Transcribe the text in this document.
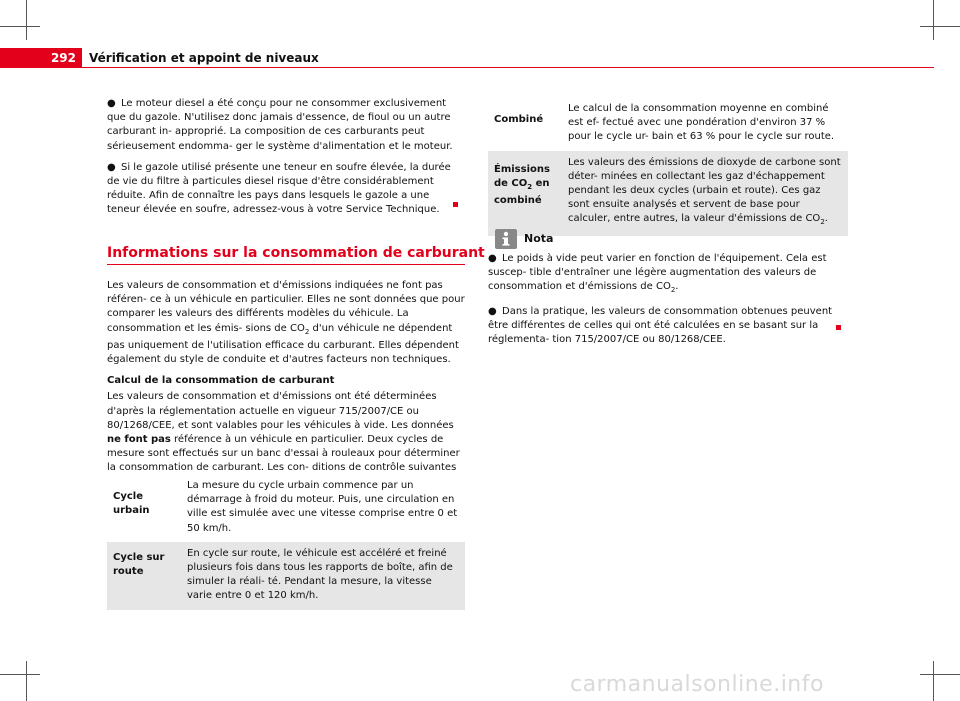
292	Vérification et appoint de niveaux

● Le moteur diesel a été conçu pour ne consommer exclusivement que du gazole. N'utilisez donc jamais d'essence, de fioul ou un autre carburant in- approprié. La composition de ces carburants peut sérieusement endomma- ger le système d'alimentation et le moteur.

● Si le gazole utilisé présente une teneur en soufre élevée, la durée de vie du filtre à particules diesel risque d'être considérablement réduite. Afin de connaître les pays dans lesquels le gazole a une teneur élevée en soufre, adressez-vous à votre Service Technique.

Informations sur la consommation de carburant

Les valeurs de consommation et d'émissions indiquées ne font pas référen- ce à un véhicule en particulier. Elles ne sont données que pour comparer les valeurs des différents modèles du véhicule. La consommation et les émis- sions de $CO_2$ d'un véhicule ne dépendent pas uniquement de l'utilisation efficace du carburant. Elles dépendent également du style de conduite et d'autres facteurs non techniques.

Calcul de la consommation de carburant

Les valeurs de consommation et d'émissions ont été déterminées d'après la réglementation actuelle en vigueur 715/2007/CE ou 80/1268/CEE, et sont valables pour les véhicules à vide. Les données ne font pas référence à un véhicule en particulier. Deux cycles de mesure sont effectués sur un banc d'essai à rouleaux pour déterminer la consommation de carburant. Les con- ditions de contrôle suivantes

Cycle urbain	La mesure du cycle urbain commence par un démarrage à froid du moteur. Puis, une circulation en ville est simulée avec une vitesse comprise entre 0 et 50 km/h.
Cycle sur route	En cycle sur route, le véhicule est accéléré et freiné plusieurs fois dans tous les rapports de boîte, afin de simuler la réali- té. Pendant la mesure, la vitesse varie entre 0 et 120 km/h.
Combiné	Le calcul de la consommation moyenne en combiné est ef- fectué avec une pondération d'environ 37 % pour le cycle ur- bain et 63 % pour le cycle sur route.
Émissions de $CO_2$ en combiné	Les valeurs des émissions de dioxyde de carbone sont déter- minées en collectant les gaz d'échappement pendant les deux cycles (urbain et route). Ces gaz sont ensuite analysés et servent de base pour calculer, entre autres, la valeur d'émissions de $CO_2$.
Nota

● Le poids à vide peut varier en fonction de l'équipement. Cela est suscep- tible d'entraîner une légère augmentation des valeurs de consommation et d'émissions de $CO_2$.

● Dans la pratique, les valeurs de consommation obtenues peuvent être différentes de celles qui ont été calculées en se basant sur la réglementa- tion 715/2007/CE ou 80/1268/CEE.

carmanualsonline.info
